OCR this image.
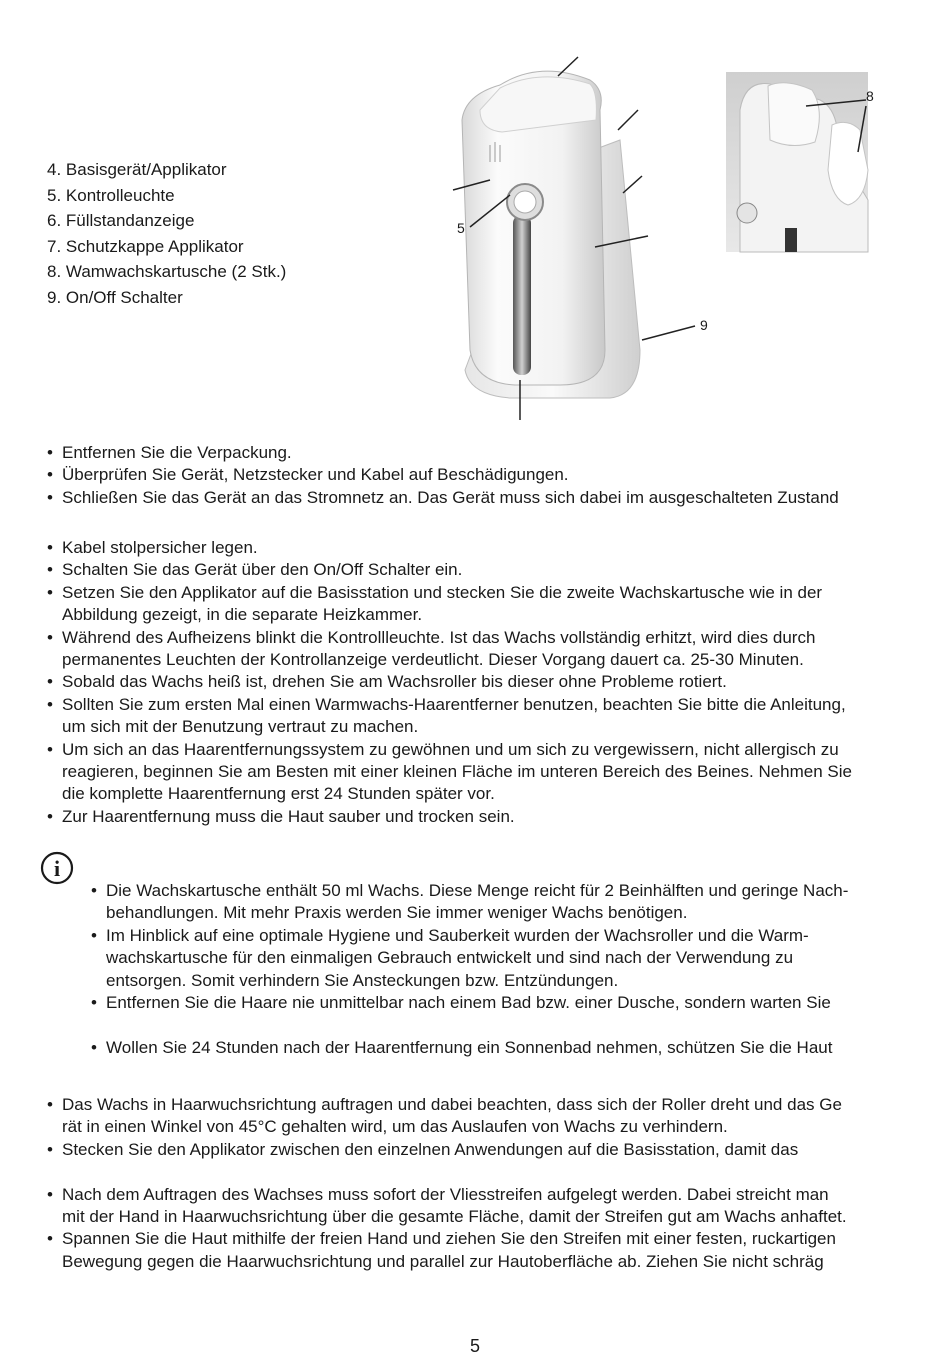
4. Basisgerät/Applikator
5. Kontrolleuchte
6. Füllstandanzeige
7. Schutzkappe Applikator
8. Wamwachskartusche (2 Stk.)
9. On/Off Schalter
8
5
9
• Entfernen Sie die Verpackung.
• Überprüfen Sie Gerät, Netzstecker und Kabel auf Beschädigungen.
• Schließen Sie das Gerät an das Stromnetz an. Das Gerät muss sich dabei im ausgeschalteten Zustand
• Kabel stolpersicher legen.
• Schalten Sie das Gerät über den On/Off Schalter ein.
• Setzen Sie den Applikator auf die Basisstation und stecken Sie die zweite Wachskartusche wie in der
Abbildung gezeigt, in die separate Heizkammer.
• Während des Aufheizens blinkt die Kontrollleuchte. Ist das Wachs vollständig erhitzt, wird dies durch
permanentes Leuchten der Kontrollanzeige verdeutlicht. Dieser Vorgang dauert ca. 25-30 Minuten.
• Sobald das Wachs heiß ist, drehen Sie am Wachsroller bis dieser ohne Probleme rotiert.
• Sollten Sie zum ersten Mal einen Warmwachs-Haarentferner benutzen, beachten Sie bitte die Anleitung,
um sich mit der Benutzung vertraut zu machen.
• Um sich an das Haarentfernungssystem zu gewöhnen und um sich zu vergewissern, nicht allergisch zu
reagieren, beginnen Sie am Besten mit einer kleinen Fläche im unteren Bereich des Beines. Nehmen Sie
die komplette Haarentfernung erst 24 Stunden später vor.
• Zur Haarentfernung muss die Haut sauber und trocken sein.
i
• Die Wachskartusche enthält 50 ml Wachs. Diese Menge reicht für 2 Beinhälften und geringe Nach-
behandlungen. Mit mehr Praxis werden Sie immer weniger Wachs benötigen.
• Im Hinblick auf eine optimale Hygiene und Sauberkeit wurden der Wachsroller und die Warm-
wachskartusche für den einmaligen Gebrauch entwickelt und sind nach der Verwendung zu
entsorgen. Somit verhindern Sie Ansteckungen bzw. Entzündungen.
• Entfernen Sie die Haare nie unmittelbar nach einem Bad bzw. einer Dusche, sondern warten Sie
• Wollen Sie 24 Stunden nach der Haarentfernung ein Sonnenbad nehmen, schützen Sie die Haut
• Das Wachs in Haarwuchsrichtung auftragen und dabei beachten, dass sich der Roller dreht und das Ge
rät in einen Winkel von 45°C gehalten wird, um das Auslaufen von Wachs zu verhindern.
• Stecken Sie den Applikator zwischen den einzelnen Anwendungen auf die Basisstation, damit das
• Nach dem Auftragen des Wachses muss sofort der Vliesstreifen aufgelegt werden. Dabei streicht man
mit der Hand in Haarwuchsrichtung über die gesamte Fläche, damit der Streifen gut am Wachs anhaftet.
• Spannen Sie die Haut mithilfe der freien Hand und ziehen Sie den Streifen mit einer festen, ruckartigen
Bewegung gegen die Haarwuchsrichtung und parallel zur Hautoberfläche ab. Ziehen Sie nicht schräg
5
